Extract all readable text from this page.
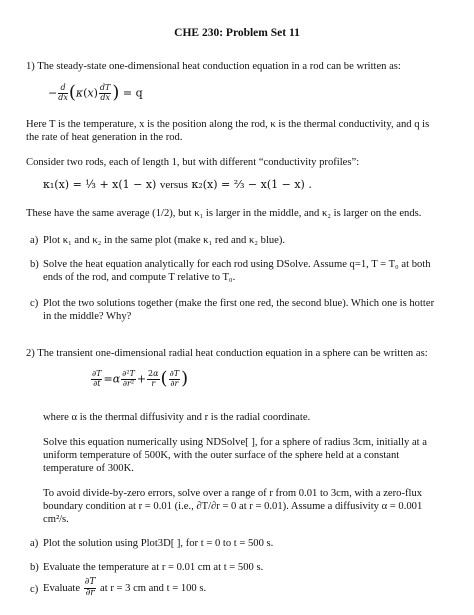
CHE 230: Problem Set 11
1) The steady-state one-dimensional heat conduction equation in a rod can be written as:
− $\frac{d}{dx} (\kappa(x) \frac{dT}{dx}$ ) = q
Here T is the temperature, x is the position along the rod, κ is the thermal conductivity, and q is the rate of heat generation in the rod.
Consider two rods, each of length 1, but with different “conductivity profiles”:
κ₁(x) = ⅓ + x(1 − x) versus κ₂(x) = ⅔ − x(1 − x) .
These have the same average (1/2), but κ₁ is larger in the middle, and κ₂ is larger on the ends.
a) Plot κ₁ and κ₂ in the same plot (make κ₁ red and κ₂ blue).
b) Solve the heat equation analytically for each rod using DSolve. Assume q=1, T = T₀ at both ends of the rod, and compute T relative to T₀.
c) Plot the two solutions together (make the first one red, the second blue). Which one is hotter in the middle? Why?
2) The transient one-dimensional radial heat conduction equation in a sphere can be written as:
$\frac{\partial T}{\partial t} =\alpha \frac{\text{∂²T}}{\text{∂r²}} + \frac{2\alpha}{r}$ ( $\frac{\partial T}{\partial r}$ )
where α is the thermal diffusivity and r is the radial coordinate.
Solve this equation numerically using NDSolve[ ], for a sphere of radius 3cm, initially at a uniform temperature of 500K, with the outer surface of the sphere held at a constant temperature of 300K.
To avoid divide-by-zero errors, solve over a range of r from 0.01 to 3cm, with a zero-flux boundary condition at r = 0.01 (i.e., ∂T/∂r = 0 at r = 0.01). Assume a diffusivity α = 0.001 cm²/s.
a) Plot the solution using Plot3D[ ], for t = 0 to t = 500 s.
b) Evaluate the temperature at r = 0.01 cm at t = 500 s.
c) Evaluate $\frac{\partial T}{\partial r}$ at r = 3 cm and t = 100 s.
